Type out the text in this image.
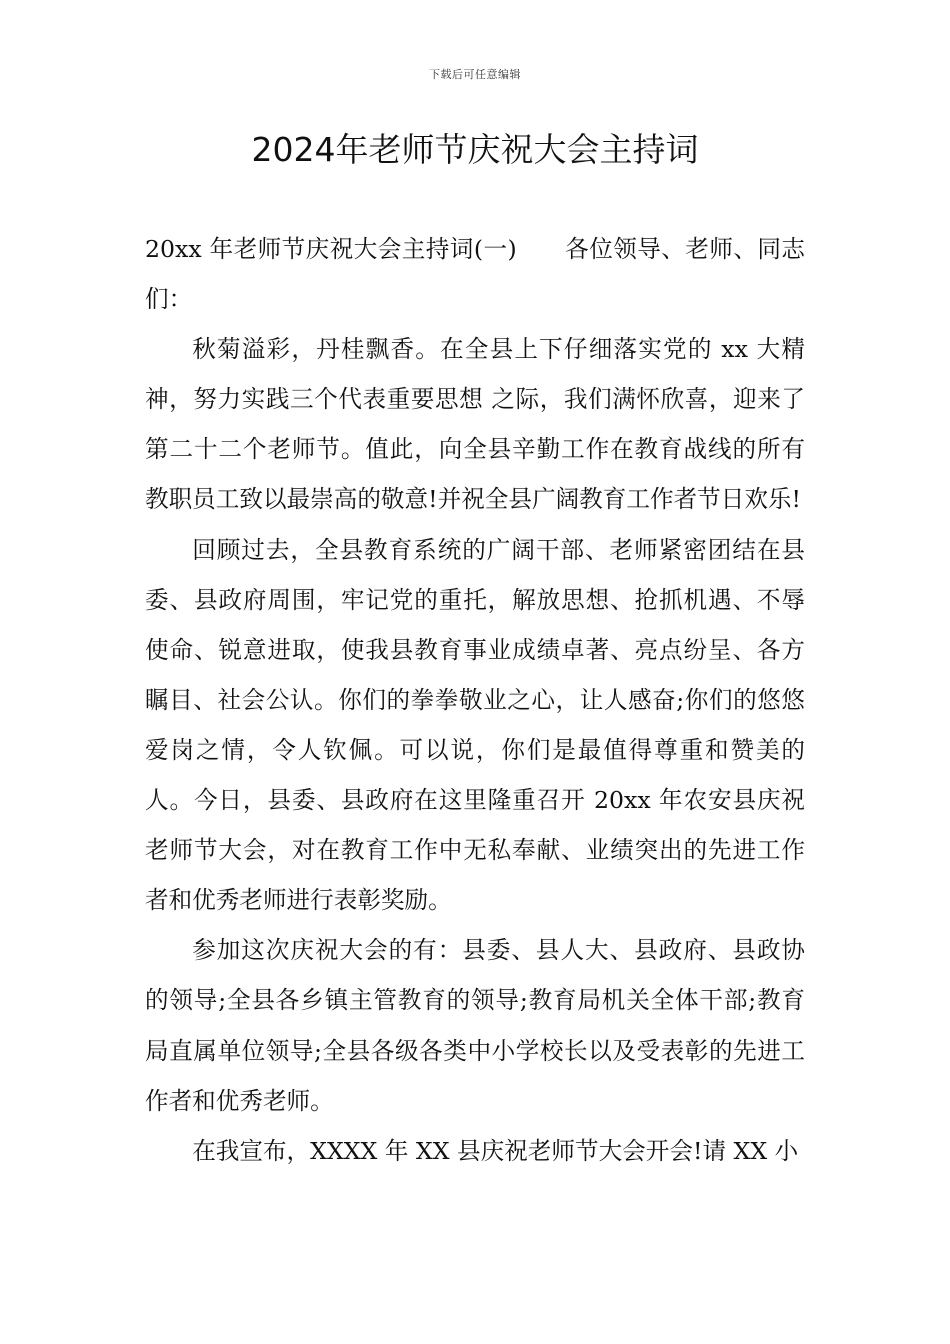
下载后可任意编辑
2024年老师节庆祝大会主持词

20xx 年老师节庆祝大会主持词(一)　　各位领导、老师、同志们：

秋菊溢彩，丹桂飘香。在全县上下仔细落实党的 xx 大精神，努力实践三个代表重要思想 之际，我们满怀欣喜，迎来了第二十二个老师节。值此，向全县辛勤工作在教育战线的所有教职员工致以最崇高的敬意!并祝全县广阔教育工作者节日欢乐!

回顾过去，全县教育系统的广阔干部、老师紧密团结在县委、县政府周围，牢记党的重托，解放思想、抢抓机遇、不辱使命、锐意进取，使我县教育事业成绩卓著、亮点纷呈、各方瞩目、社会公认。你们的拳拳敬业之心，让人感奋;你们的悠悠爱岗之情，令人钦佩。可以说，你们是最值得尊重和赞美的人。今日，县委、县政府在这里隆重召开 20xx 年农安县庆祝老师节大会，对在教育工作中无私奉献、业绩突出的先进工作者和优秀老师进行表彰奖励。

参加这次庆祝大会的有：县委、县人大、县政府、县政协的领导;全县各乡镇主管教育的领导;教育局机关全体干部;教育局直属单位领导;全县各级各类中小学校长以及受表彰的先进工作者和优秀老师。

在我宣布，XXXX 年 XX 县庆祝老师节大会开会!请 XX 小
